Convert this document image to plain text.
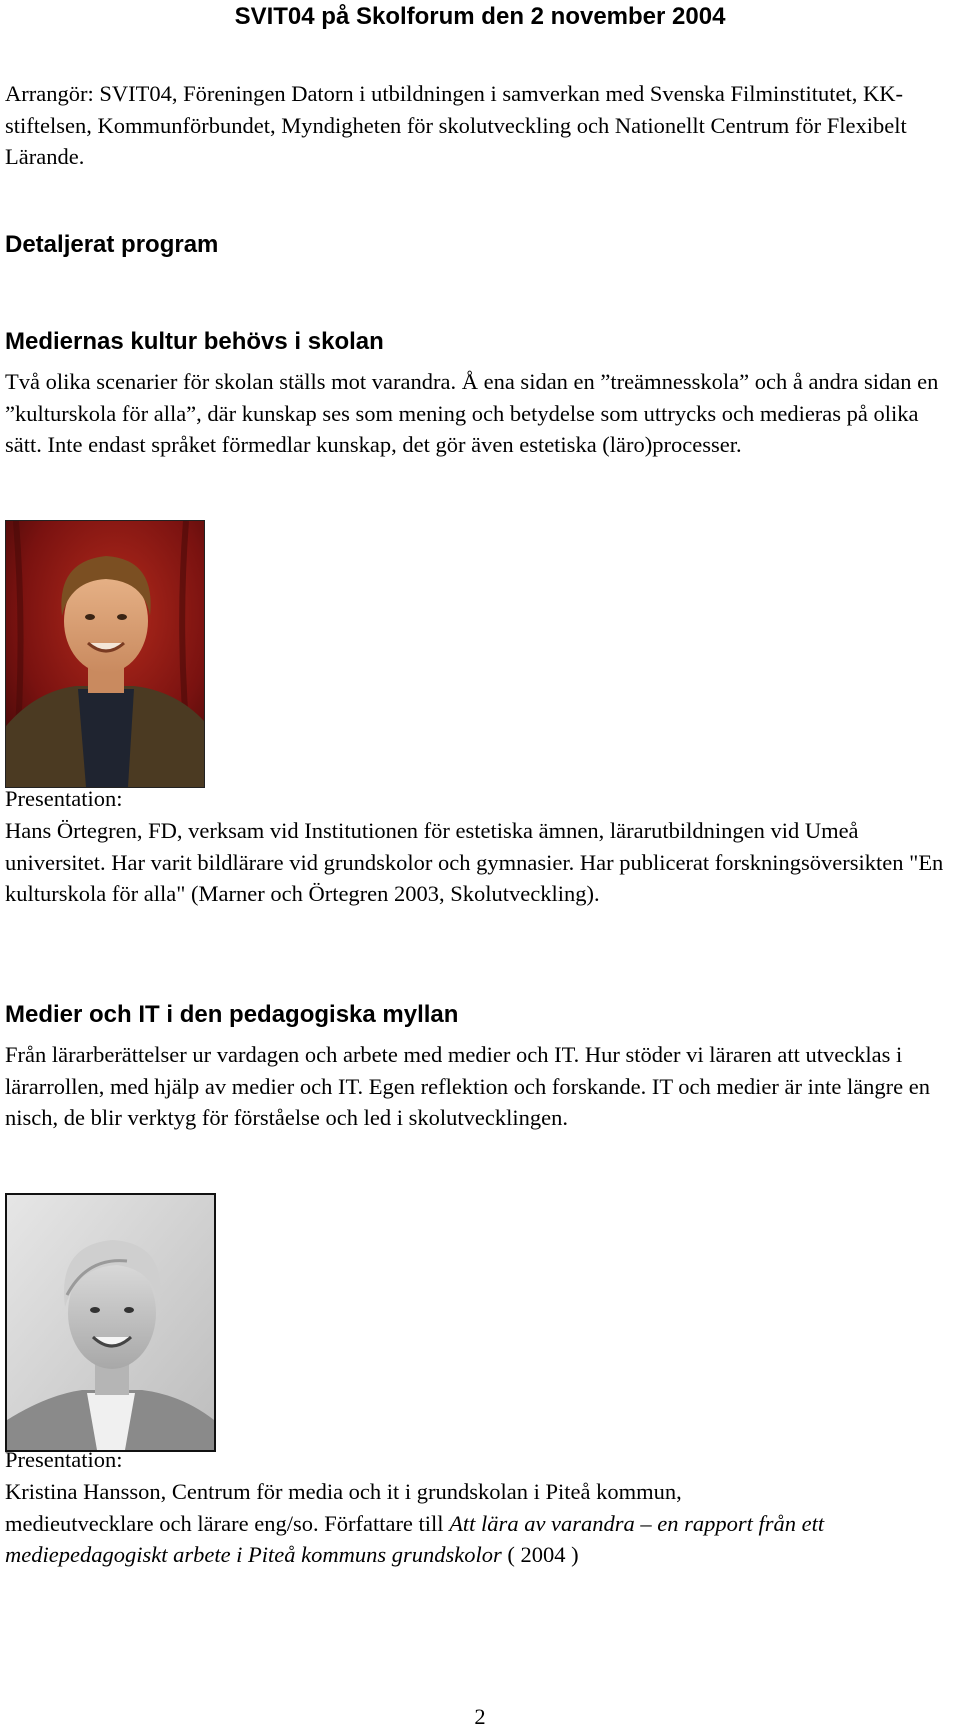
SVIT04 på Skolforum den 2 november 2004

Arrangör: SVIT04, Föreningen Datorn i utbildningen i samverkan med Svenska Filminstitutet, KK-stiftelsen, Kommunförbundet, Myndigheten för skolutveckling och Nationellt Centrum för Flexibelt Lärande.

Detaljerat program
Mediernas kultur behövs i skolan

Två olika scenarier för skolan ställs mot varandra. Å ena sidan en ”treämnesskola” och å andra sidan en ”kulturskola för alla”, där kunskap ses som mening och betydelse som uttrycks och medieras på olika sätt. Inte endast språket förmedlar kunskap, det gör även estetiska (läro)processer.

Presentation:

Hans Örtegren, FD, verksam vid Institutionen för estetiska ämnen, lärarutbildningen vid Umeå universitet. Har varit bildlärare vid grundskolor och gymnasier. Har publicerat forskningsöversikten "En kulturskola för alla" (Marner och Örtegren 2003, Skolutveckling).

Medier och IT i den pedagogiska myllan

Från lärarberättelser ur vardagen och arbete med medier och IT. Hur stöder vi läraren att utvecklas i lärarrollen, med hjälp av medier och IT. Egen reflektion och forskande. IT och medier är inte längre en nisch, de blir verktyg för förståelse och led i skolutvecklingen.

Presentation:

Kristina Hansson, Centrum för media och it i grundskolan i Piteå kommun,
medieutvecklare och lärare eng/so. Författare till Att lära av varandra – en rapport från ett mediepedagogiskt arbete i Piteå kommuns grundskolor ( 2004 )

2
